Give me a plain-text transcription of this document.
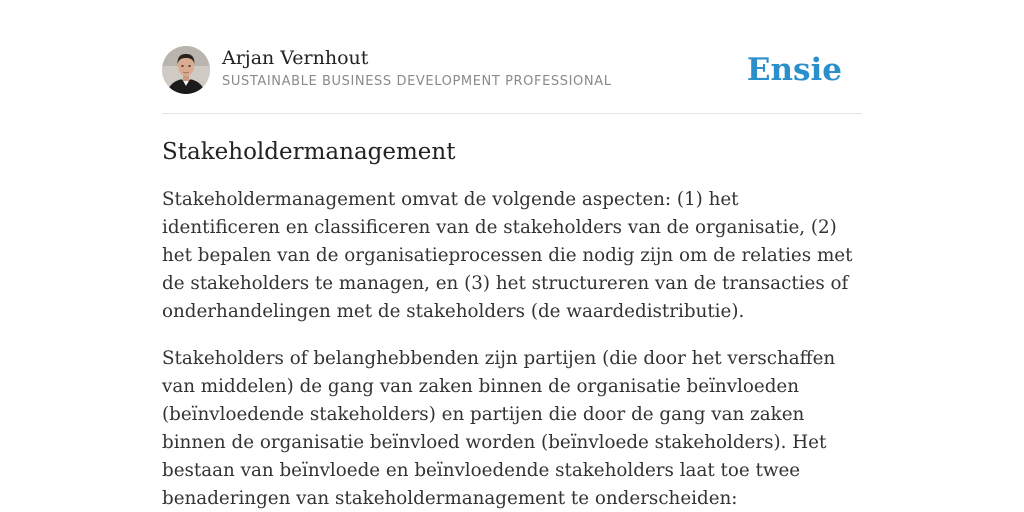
Arjan Vernhout
SUSTAINABLE BUSINESS DEVELOPMENT PROFESSIONAL	Ensie
Stakeholdermanagement

Stakeholdermanagement omvat de volgende aspecten: (1) het identificeren en classificeren van de stakeholders van de organisatie, (2) het bepalen van de organisatieprocessen die nodig zijn om de relaties met de stakeholders te managen, en (3) het structureren van de transacties of onderhandelingen met de stakeholders (de waardedistributie).

Stakeholders of belanghebbenden zijn partijen (die door het verschaffen van middelen) de gang van zaken binnen de organisatie beïnvloeden (beïnvloedende stakeholders) en partijen die door de gang van zaken binnen de organisatie beïnvloed worden (beïnvloede stakeholders). Het bestaan van beïnvloede en beïnvloedende stakeholders laat toe twee benaderingen van stakeholdermanagement te onderscheiden:
